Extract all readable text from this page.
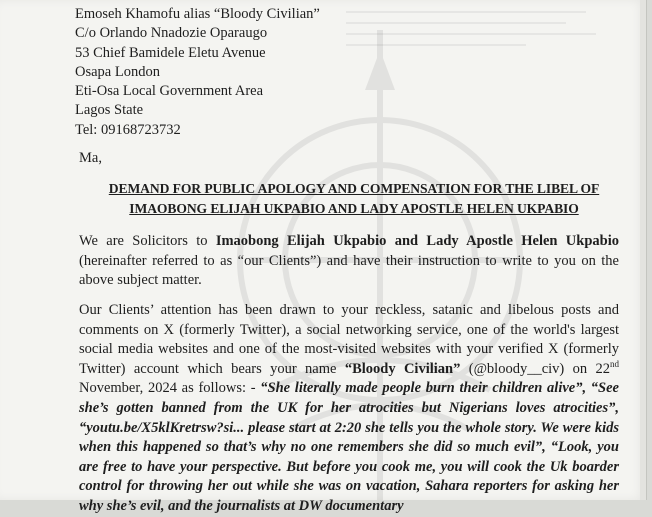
Emoseh Khamofu alias “Bloody Civilian”
C/o Orlando Nnadozie Oparaugo
53 Chief Bamidele Eletu Avenue
Osapa London
Eti-Osa Local Government Area
Lagos State
Tel: 09168723732
Ma,
DEMAND FOR PUBLIC APOLOGY AND COMPENSATION FOR THE LIBEL OF
IMAOBONG ELIJAH UKPABIO AND LADY APOSTLE HELEN UKPABIO
We are Solicitors to Imaobong Elijah Ukpabio and Lady Apostle Helen Ukpabio (hereinafter referred to as “our Clients”) and have their instruction to write to you on the above subject matter.
Our Clients’ attention has been drawn to your reckless, satanic and libelous posts and comments on X (formerly Twitter), a social networking service, one of the world's largest social media websites and one of the most-visited websites with your verified X (formerly Twitter) account which bears your name “Bloody Civilian” (@bloody__civ) on 22nd November, 2024 as follows: - “She literally made people burn their children alive”, “See she’s gotten banned from the UK for her atrocities but Nigerians loves atrocities”, “youtu.be/X5klKretrsw?si... please start at 2:20 she tells you the whole story. We were kids when this happened so that’s why no one remembers she did so much evil”, “Look, you are free to have your perspective. But before you cook me, you will cook the Uk boarder control for throwing her out while she was on vacation, Sahara reporters for asking her why she’s evil, and the journalists at DW documentary
